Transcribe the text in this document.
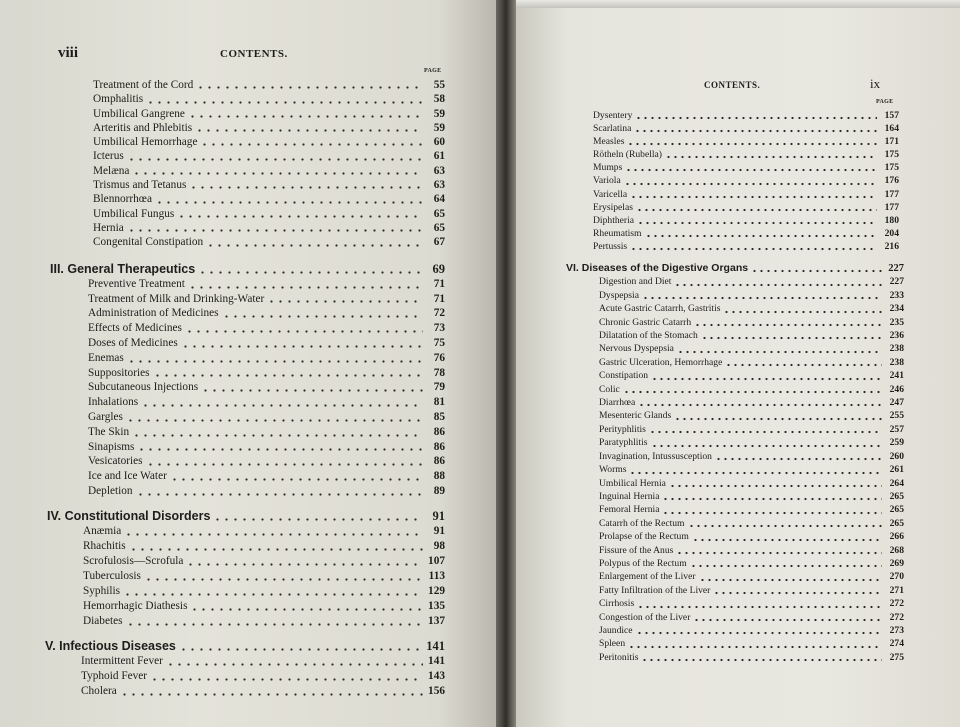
viii	CONTENTS.
PAGE
CONTENTS.	ix
PAGE
Treatment of the Cord	55
Omphalitis	58
Umbilical Gangrene	59
Arteritis and Phlebitis	59
Umbilical Hemorrhage	60
Icterus	61
Melæna	63
Trismus and Tetanus	63
Blennorrhœa	64
Umbilical Fungus	65
Hernia	65
Congenital Constipation	67
III. General Therapeutics	69
Preventive Treatment	71
Treatment of Milk and Drinking-Water	71
Administration of Medicines	72
Effects of Medicines	73
Doses of Medicines	75
Enemas	76
Suppositories	78
Subcutaneous Injections	79
Inhalations	81
Gargles	85
The Skin	86
Sinapisms	86
Vesicatories	86
Ice and Ice Water	88
Depletion	89
IV. Constitutional Disorders	91
Anæmia	91
Rhachitis	98
Scrofulosis—Scrofula	107
Tuberculosis	113
Syphilis	129
Hemorrhagic Diathesis	135
Diabetes	137
V. Infectious Diseases	141
Intermittent Fever	141
Typhoid Fever	143
Cholera	156
Dysentery	157
Scarlatina	164
Measles	171
Rötheln (Rubella)	175
Mumps	175
Variola	176
Varicella	177
Erysipelas	177
Diphtheria	180
Rheumatism	204
Pertussis	216
VI. Diseases of the Digestive Organs	227
Digestion and Diet	227
Dyspepsia	233
Acute Gastric Catarrh, Gastritis	234
Chronic Gastric Catarrh	235
Dilatation of the Stomach	236
Nervous Dyspepsia	238
Gastric Ulceration, Hemorrhage	238
Constipation	241
Colic	246
Diarrhœa	247
Mesenteric Glands	255
Perityphlitis	257
Paratyphlitis	259
Invagination, Intussusception	260
Worms	261
Umbilical Hernia	264
Inguinal Hernia	265
Femoral Hernia	265
Catarrh of the Rectum	265
Prolapse of the Rectum	266
Fissure of the Anus	268
Polypus of the Rectum	269
Enlargement of the Liver	270
Fatty Infiltration of the Liver	271
Cirrhosis	272
Congestion of the Liver	272
Jaundice	273
Spleen	274
Peritonitis	275
